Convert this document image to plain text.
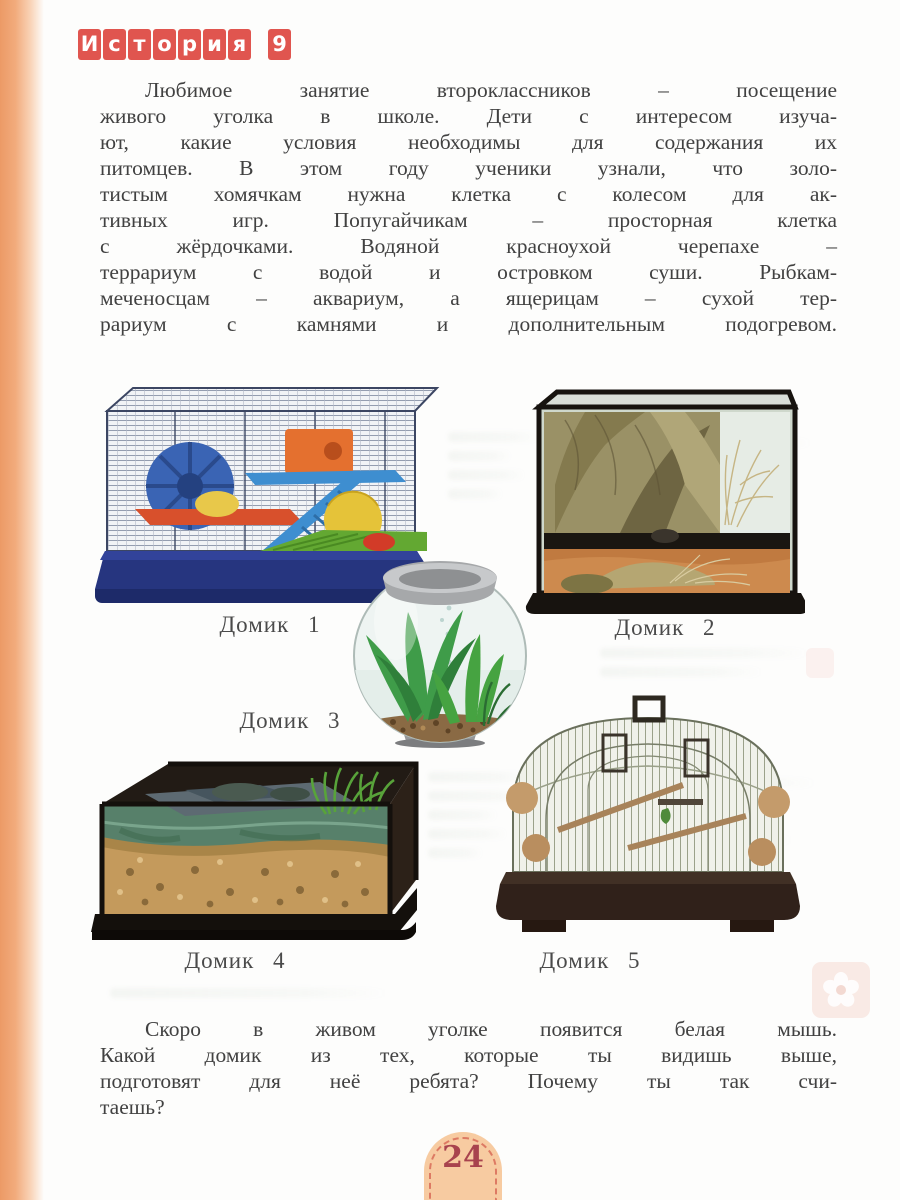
И с т о р и я 9
Любимое занятие второклассников – посещение
живого уголка в школе. Дети с интересом изуча-
ют, какие условия необходимы для содержания их
питомцев. В этом году ученики узнали, что золо-
тистым хомячкам нужна клетка с колесом для ак-
тивных игр. Попугайчикам – просторная клетка
с жёрдочками. Водяной красноухой черепахе –
террариум с водой и островком суши. Рыбкам-
меченосцам – аквариум, а ящерицам – сухой тер-
рариум с камнями и дополнительным подогревом.
Домик 1	Домик 2
Домик 3
Домик 4	Домик 5
Скоро в живом уголке появится белая мышь.
Какой домик из тех, которые ты видишь выше,
подготовят для неё ребята? Почему ты так счи-
таешь?
24
